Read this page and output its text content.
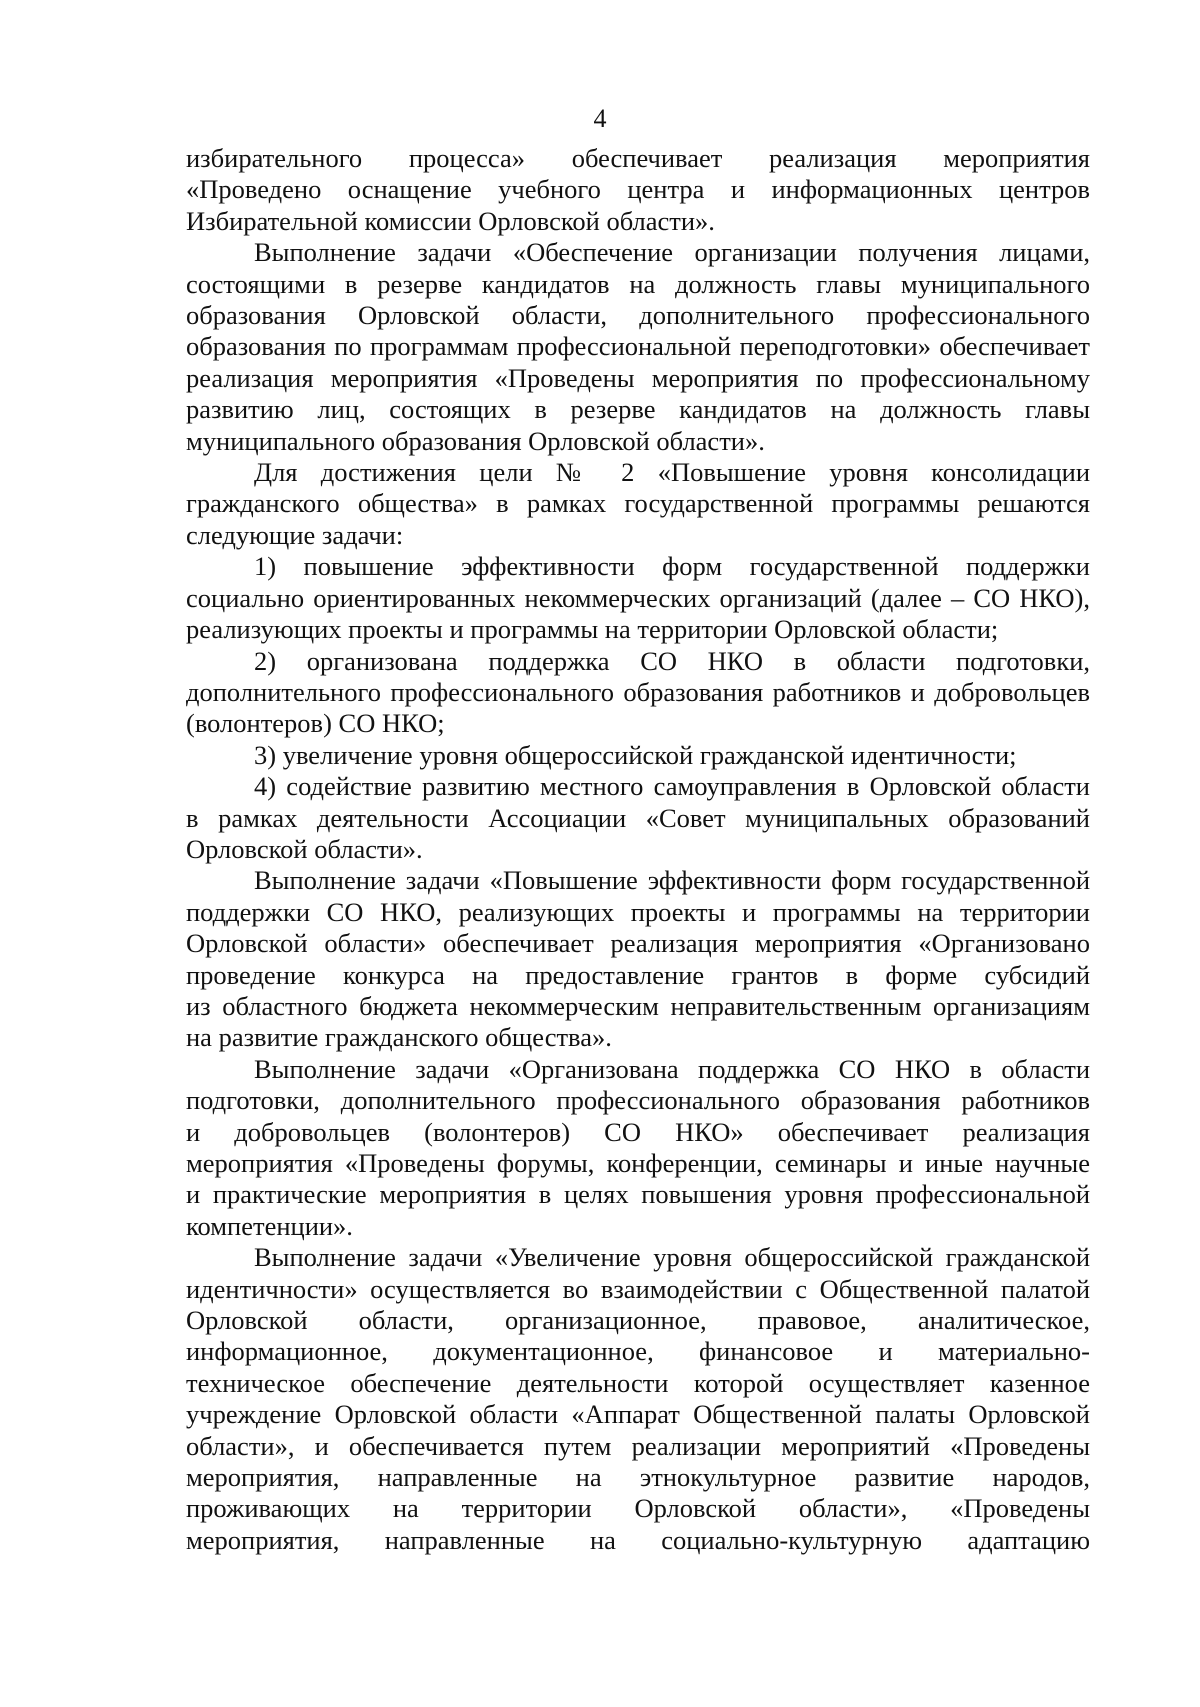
4

избирательного процесса» обеспечивает реализация мероприятия

«Проведено оснащение учебного центра и информационных центров

Избирательной комиссии Орловской области».

Выполнение задачи «Обеспечение организации получения лицами,

состоящими в резерве кандидатов на должность главы муниципального

образования Орловской области, дополнительного профессионального

образования по программам профессиональной переподготовки» обеспечивает

реализация мероприятия «Проведены мероприятия по профессиональному

развитию лиц, состоящих в резерве кандидатов на должность главы

муниципального образования Орловской области».

Для достижения цели № 2 «Повышение уровня консолидации

гражданского общества» в рамках государственной программы решаются

следующие задачи:

1) повышение эффективности форм государственной поддержки

социально ориентированных некоммерческих организаций (далее – СО НКО),

реализующих проекты и программы на территории Орловской области;

2) организована поддержка СО НКО в области подготовки,

дополнительного профессионального образования работников и добровольцев

(волонтеров) СО НКО;

3) увеличение уровня общероссийской гражданской идентичности;

4) содействие развитию местного самоуправления в Орловской области

в рамках деятельности Ассоциации «Совет муниципальных образований

Орловской области».

Выполнение задачи «Повышение эффективности форм государственной

поддержки СО НКО, реализующих проекты и программы на территории

Орловской области» обеспечивает реализация мероприятия «Организовано

проведение конкурса на предоставление грантов в форме субсидий

из областного бюджета некоммерческим неправительственным организациям

на развитие гражданского общества».

Выполнение задачи «Организована поддержка СО НКО в области

подготовки, дополнительного профессионального образования работников

и добровольцев (волонтеров) СО НКО» обеспечивает реализация

мероприятия «Проведены форумы, конференции, семинары и иные научные

и практические мероприятия в целях повышения уровня профессиональной

компетенции».

Выполнение задачи «Увеличение уровня общероссийской гражданской

идентичности» осуществляется во взаимодействии с Общественной палатой

Орловской области, организационное, правовое, аналитическое,

информационное, документационное, финансовое и материально-

техническое обеспечение деятельности которой осуществляет казенное

учреждение Орловской области «Аппарат Общественной палаты Орловской

области», и обеспечивается путем реализации мероприятий «Проведены

мероприятия, направленные на этнокультурное развитие народов,

проживающих на территории Орловской области», «Проведены

мероприятия, направленные на социально-культурную адаптацию
